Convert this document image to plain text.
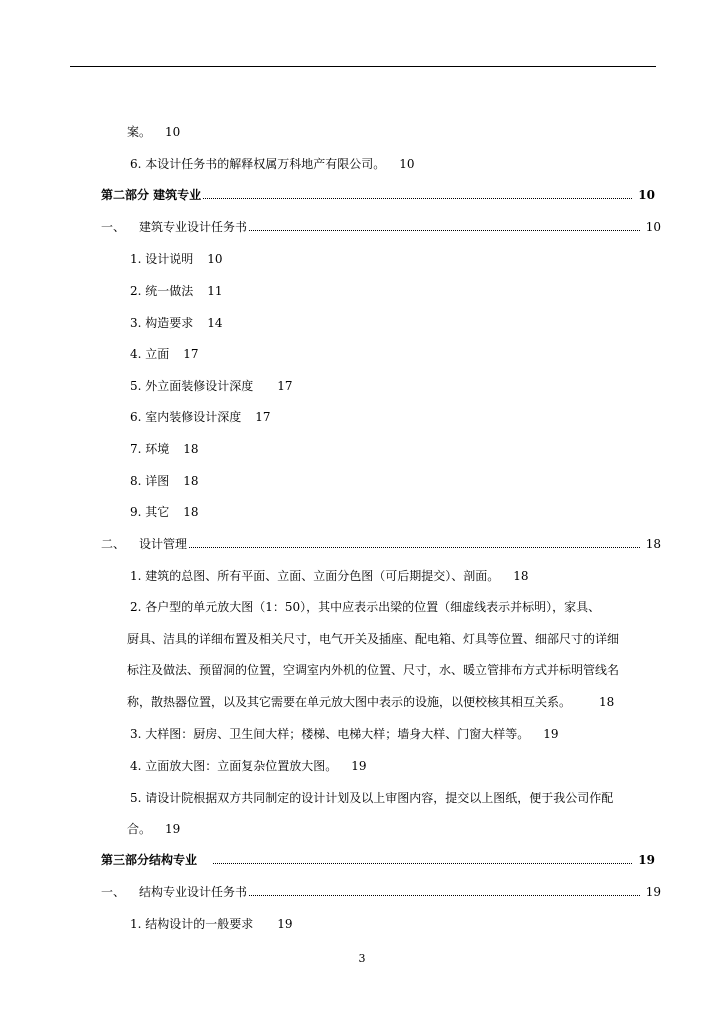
案。 10
6. 本设计任务书的解释权属万科地产有限公司。 10
第二部分 建筑专业	10
一、	建筑专业设计任务书	10
1. 设计说明 10
2. 统一做法 11
3. 构造要求 14
4. 立面 17
5. 外立面装修设计深度 17
6. 室内装修设计深度 17
7. 环境 18
8. 详图 18
9. 其它 18
二、	设计管理	18
1. 建筑的总图、所有平面、立面、立面分色图（可后期提交）、剖面。 18
2. 各户型的单元放大图（1：50），其中应表示出梁的位置（细虚线表示并标明），家具、
厨具、洁具的详细布置及相关尺寸，电气开关及插座、配电箱、灯具等位置、细部尺寸的详细
标注及做法、预留洞的位置，空调室内外机的位置、尺寸，水、暖立管排布方式并标明管线名
称，散热器位置，以及其它需要在单元放大图中表示的设施，以便校核其相互关系。 18
3. 大样图：厨房、卫生间大样；楼梯、电梯大样；墙身大样、门窗大样等。 19
4. 立面放大图：立面复杂位置放大图。 19
5. 请设计院根据双方共同制定的设计计划及以上审图内容，提交以上图纸，便于我公司作配
合。 19
第三部分结构专业	19
一、	结构专业设计任务书	19
1. 结构设计的一般要求 19
3
